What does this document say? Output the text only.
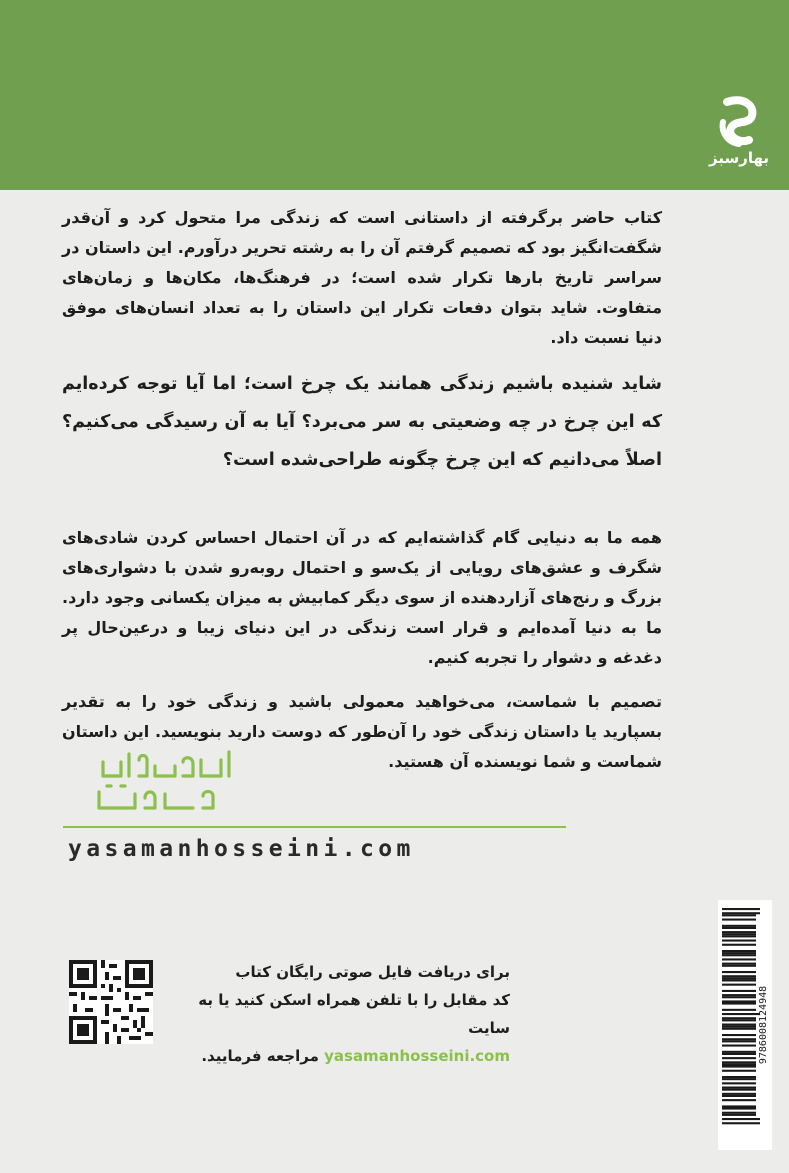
بهارسبز

کتاب حاضر برگرفته از داستانی است که زندگی مرا متحول کرد و آن‌قدر شگفت‌انگیز بود که تصمیم گرفتم آن را به رشته تحریر درآورم. این داستان در سراسر تاریخ بارها تکرار شده است؛ در فرهنگ‌ها، مکان‌ها و زمان‌های متفاوت. شاید بتوان دفعات تکرار این داستان را به تعداد انسان‌های موفق دنیا نسبت داد.

شاید شنیده باشیم زندگی همانند یک چرخ است؛ اما آیا توجه کرده‌ایم که این چرخ در چه وضعیتی به سر می‌برد؟ آیا به آن رسیدگی می‌کنیم؟ اصلاً می‌دانیم که این چرخ چگونه طراحی‌شده است؟

همه ما به دنیایی گام گذاشته‌ایم که در آن احتمال احساس کردن شادی‌های شگرف و عشق‌های رویایی از یک‌سو و احتمال روبه‌رو شدن با دشواری‌های بزرگ و رنج‌های آزاردهنده از سوی دیگر کمابیش به میزان یکسانی وجود دارد. ما به دنیا آمده‌ایم و قرار است زندگی در این دنیای زیبا و درعین‌حال پر دغدغه و دشوار را تجربه کنیم.

تصمیم با شماست، می‌خواهید معمولی باشید و زندگی خود را به تقدیر بسپارید یا داستان زندگی خود را آن‌طور که دوست دارید بنویسید. این داستان شماست و شما نویسنده آن هستید.

yasamanhosseini.com
برای دریافت فایل صوتی رایگان کتاب
کد مقابل را با تلفن همراه اسکن کنید یا به سایت
yasamanhosseini.com مراجعه فرمایید.	9786008124948
